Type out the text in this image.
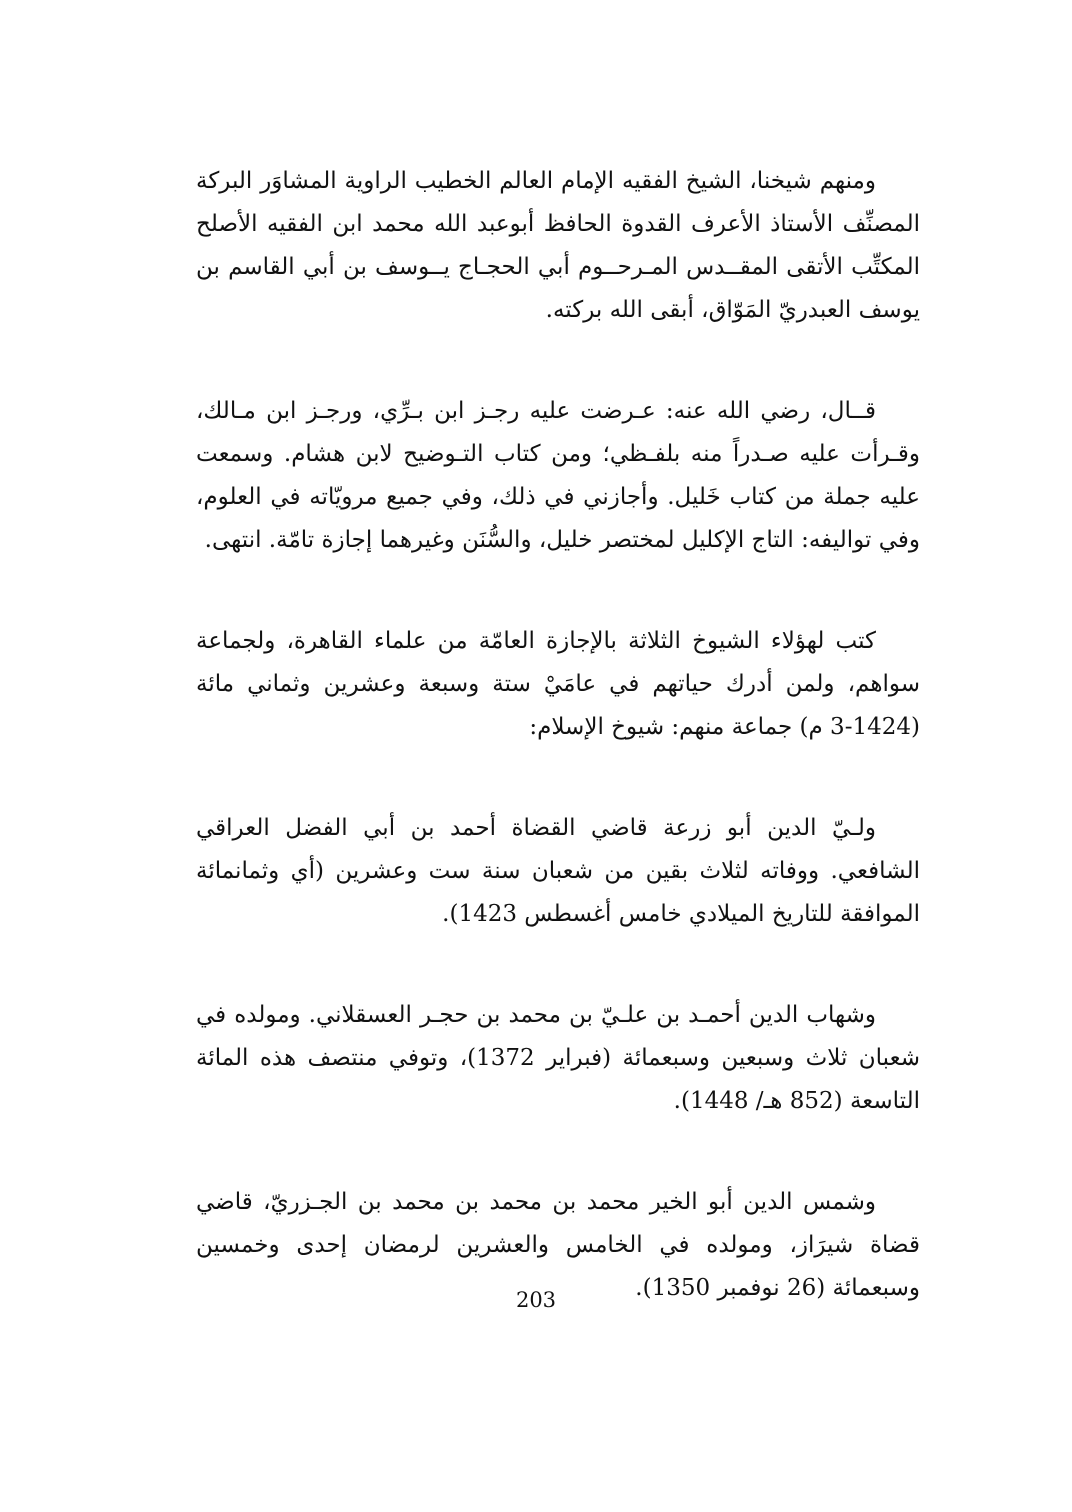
ومنهم شيخنا، الشيخ الفقيه الإمام العالم الخطيب الراوية المشاوَر البركة المصنِّف الأستاذ الأعرف القدوة الحافظ أبوعبد الله محمد ابن الفقيه الأصلح المكتِّب الأتقى المقــدس المـرحــوم أبي الحجـاج يــوسف بن أبي القاسم بن يوسف العبدريّ المَوّاق، أبقى الله بركته.

قــال، رضي الله عنه: عـرضت عليه رجـز ابن بـرِّي، ورجـز ابن مـالك، وقـرأت عليه صـدراً منه بلفـظي؛ ومن كتاب التـوضيح لابن هشام. وسمعت عليه جملة من كتاب خَليل. وأجازني في ذلك، وفي جميع مرويّاته في العلوم، وفي تواليفه: التاج الإكليل لمختصر خليل، والسُّنَن وغيرهما إجازة تامّة. انتهى.

كتب لهؤلاء الشيوخ الثلاثة بالإجازة العامّة من علماء القاهرة، ولجماعة سواهم، ولمن أدرك حياتهم في عامَيْ ستة وسبعة وعشرين وثماني مائة (1424-3 م) جماعة منهم: شيوخ الإسلام:

ولـيّ الدين أبو زرعة قاضي القضاة أحمد بن أبي الفضل العراقي الشافعي. ووفاته لثلاث بقين من شعبان سنة ست وعشرين (أي وثمانمائة الموافقة للتاريخ الميلادي خامس أغسطس 1423).

وشهاب الدين أحمـد بن علـيّ بن محمد بن حجـر العسقلاني. ومولده في شعبان ثلاث وسبعين وسبعمائة (فبراير 1372)، وتوفي منتصف هذه المائة التاسعة (852 هـ/ 1448).

وشمس الدين أبو الخير محمد بن محمد بن محمد بن الجـزريّ، قاضي قضاة شيرَاز، ومولده في الخامس والعشرين لرمضان إحدى وخمسين وسبعمائة (26 نوفمبر 1350).

203
